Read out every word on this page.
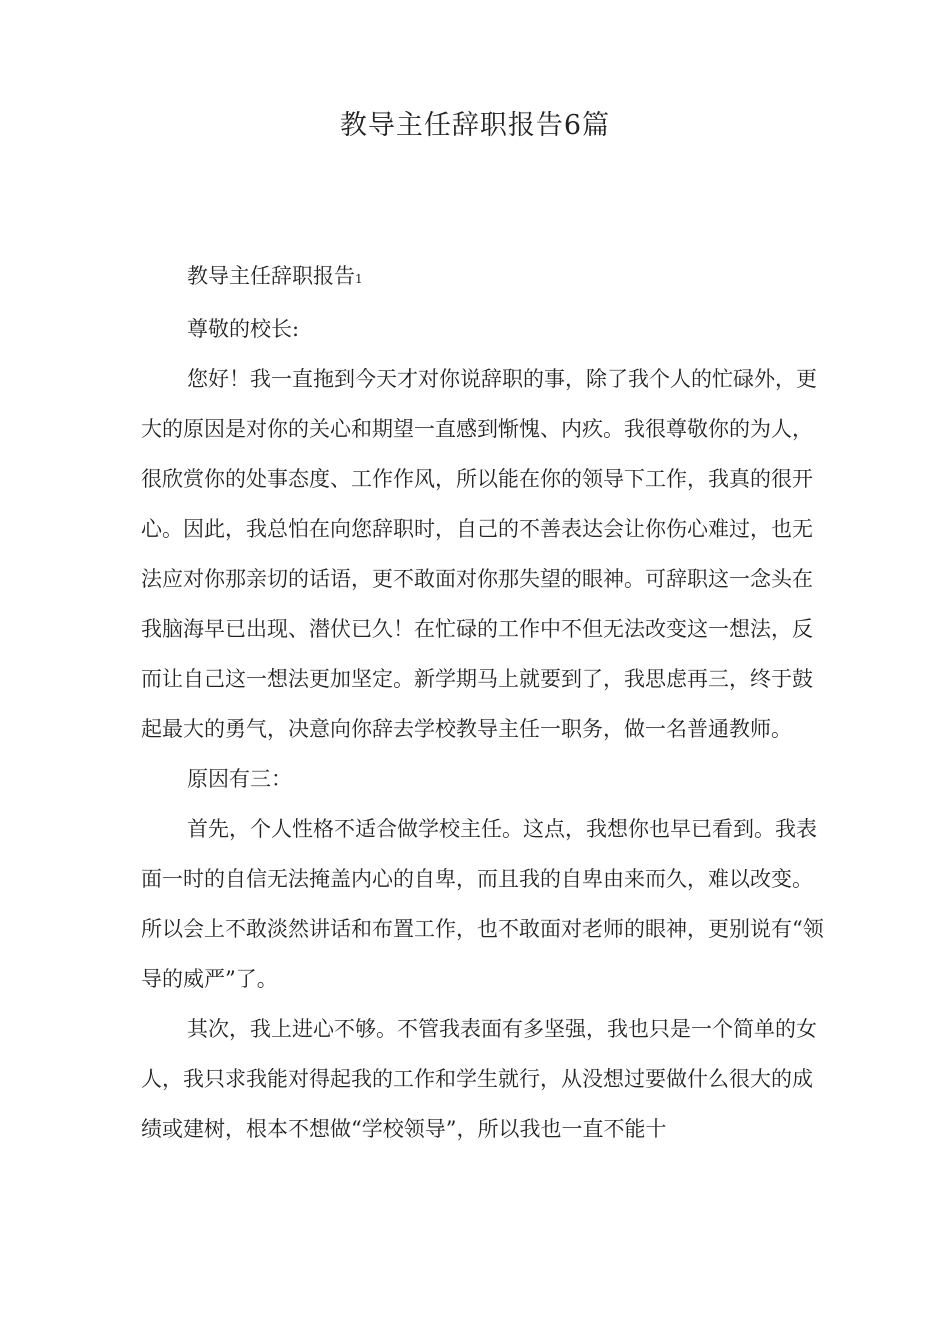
教导主任辞职报告6篇

教导主任辞职报告1

尊敬的校长:

您好！我一直拖到今天才对你说辞职的事，除了我个人的忙碌外，更大的原因是对你的关心和期望一直感到惭愧、内疚。我很尊敬你的为人，很欣赏你的处事态度、工作作风，所以能在你的领导下工作，我真的很开心。因此，我总怕在向您辞职时，自己的不善表达会让你伤心难过，也无法应对你那亲切的话语，更不敢面对你那失望的眼神。可辞职这一念头在我脑海早已出现、潜伏已久！在忙碌的工作中不但无法改变这一想法，反而让自己这一想法更加坚定。新学期马上就要到了，我思虑再三，终于鼓起最大的勇气，决意向你辞去学校教导主任一职务，做一名普通教师。

原因有三：

首先，个人性格不适合做学校主任。这点，我想你也早已看到。我表面一时的自信无法掩盖内心的自卑，而且我的自卑由来而久，难以改变。所以会上不敢淡然讲话和布置工作，也不敢面对老师的眼神，更别说有“领导的威严”了。

其次，我上进心不够。不管我表面有多坚强，我也只是一个简单的女人，我只求我能对得起我的工作和学生就行，从没想过要做什么很大的成绩或建树，根本不想做“学校领导”，所以我也一直不能十
